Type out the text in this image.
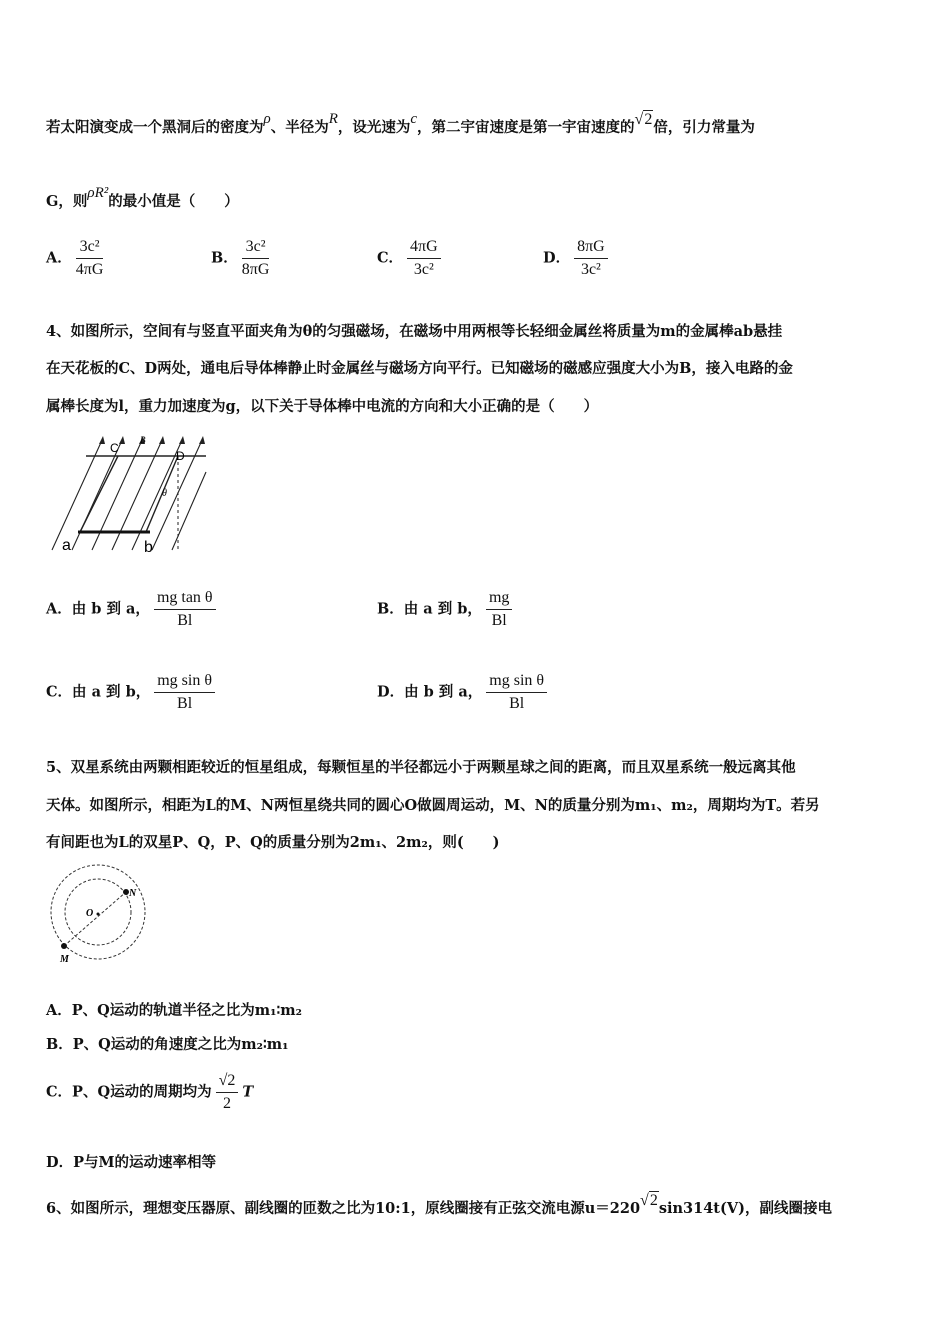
若太阳演变成一个黑洞后的密度为ρ、半径为R，设光速为c，第二宇宙速度是第一宇宙速度的√2倍，引力常量为
G，则ρR²的最小值是（　　）
A． $\frac{\text{3c²}}{4\pi G}$	B． $\frac{\text{3c²}}{8\pi G}$	C． $\frac{4\pi G}{\text{3c²}}$	D． $\frac{8\pi G}{\text{3c²}}$
4、如图所示，空间有与竖直平面夹角为θ的匀强磁场，在磁场中用两根等长轻细金属丝将质量为m的金属棒ab悬挂
在天花板的C、D两处，通电后导体棒静止时金属丝与磁场方向平行。已知磁场的磁感应强度大小为B，接入电路的金
属棒长度为l，重力加速度为g，以下关于导体棒中电流的方向和大小正确的是（　　）
C
B
D
θ
a	b
A．由 b 到 a， $\frac{\text{mg tan θ}}{Bl}$	B．由 a 到 b， $\frac{mg}{Bl}$
C．由 a 到 b， $\frac{\text{mg sin θ}}{Bl}$	D．由 b 到 a， $\frac{\text{mg sin θ}}{Bl}$
5、双星系统由两颗相距较近的恒星组成，每颗恒星的半径都远小于两颗星球之间的距离，而且双星系统一般远离其他
天体。如图所示，相距为L的M、N两恒星绕共同的圆心O做圆周运动，M、N的质量分别为m₁、m₂，周期均为T。若另
有间距也为L的双星P、Q，P、Q的质量分别为2m₁、2m₂，则(　　)
N
O
M
A．P、Q运动的轨道半径之比为m₁∶m₂
B．P、Q运动的角速度之比为m₂∶m₁
C．P、Q运动的周期均为 $\frac{√2}{2}$ T
D．P与M的运动速率相等
6、如图所示，理想变压器原、副线圈的匝数之比为10:1，原线圈接有正弦交流电源u＝220√2sin314t(V)，副线圈接电
